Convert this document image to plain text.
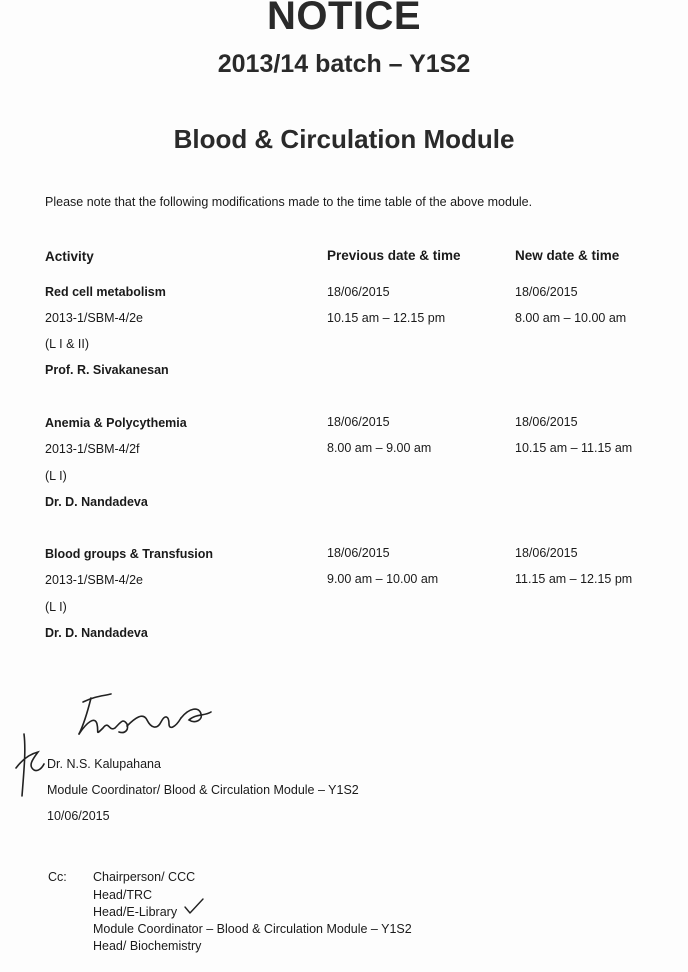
NOTICE
2013/14 batch – Y1S2
Blood & Circulation Module
Please note that the following modifications made to the time table of the above module.
Activity	Previous date & time	New date & time
Red cell metabolism
2013-1/SBM-4/2e
(L I & II)
Prof. R. Sivakanesan
18/06/2015
10.15 am – 12.15 pm
18/06/2015
8.00 am – 10.00 am
Anemia & Polycythemia
2013-1/SBM-4/2f
(L I)
Dr. D. Nandadeva
18/06/2015
8.00 am – 9.00 am
18/06/2015
10.15 am – 11.15 am
Blood groups & Transfusion
2013-1/SBM-4/2e
(L I)
Dr. D. Nandadeva
18/06/2015
9.00 am – 10.00 am
18/06/2015
11.15 am – 12.15 pm
Dr. N.S. Kalupahana
Module Coordinator/ Blood & Circulation Module – Y1S2
10/06/2015
Cc: Chairperson/ CCC
Head/TRC
Head/E-Library
Module Coordinator – Blood & Circulation Module – Y1S2
Head/ Biochemistry
